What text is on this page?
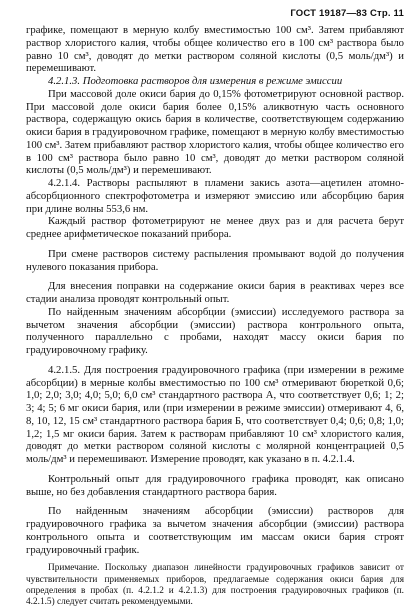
ГОСТ 19187—83 Стр. 11

графике, помещают в мерную колбу вместимостью 100 см³. Затем прибавляют раствор хлористого калия, чтобы общее количество его в 100 см³ раствора было равно 10 см³, доводят до метки раствором соляной кислоты (0,5 моль/дм³) и перемешивают.

4.2.1.3. Подготовка растворов для измерения в режиме эмиссии

При массовой доле окиси бария до 0,15% фотометрируют основной раствор. При массовой доле окиси бария более 0,15% аликвотную часть основного раствора, содержащую окись бария в количестве, соответствующем содержанию окиси бария в градуировочном графике, помещают в мерную колбу вместимостью 100 см³. Затем прибавляют раствор хлористого калия, чтобы общее количество его в 100 см³ раствора было равно 10 см³, доводят до метки раствором соляной кислоты (0,5 моль/дм³) и перемешивают.

4.2.1.4. Растворы распыляют в пламени закись азота—ацетилен атомно-абсорбционного спектрофотометра и измеряют эмиссию или абсорбцию бария при длине волны 553,6 нм.

Каждый раствор фотометрируют не менее двух раз и для расчета берут среднее арифметическое показаний прибора.

При смене растворов систему распыления промывают водой до получения нулевого показания прибора.

Для внесения поправки на содержание окиси бария в реактивах через все стадии анализа проводят контрольный опыт.

По найденным значениям абсорбции (эмиссии) исследуемого раствора за вычетом значения абсорбции (эмиссии) раствора контрольного опыта, полученного параллельно с пробами, находят массу окиси бария по градуировочному графику.

4.2.1.5. Для построения градуировочного графика (при измерении в режиме абсорбции) в мерные колбы вместимостью по 100 см³ отмеривают бюреткой 0,6; 1,0; 2,0; 3,0; 4,0; 5,0; 6,0 см³ стандартного раствора А, что соответствует 0,6; 1; 2; 3; 4; 5; 6 мг окиси бария, или (при измерении в режиме эмиссии) отмеривают 4, 6, 8, 10, 12, 15 см³ стандартного раствора бария Б, что соответствует 0,4; 0,6; 0,8; 1,0; 1,2; 1,5 мг окиси бария. Затем к растворам прибавляют 10 см³ хлористого калия, доводят до метки раствором соляной кислоты с молярной концентрацией 0,5 моль/дм³ и перемешивают. Измерение проводят, как указано в п. 4.2.1.4.

Контрольный опыт для градуировочного графика проводят, как описано выше, но без добавления стандартного раствора бария.

По найденным значениям абсорбции (эмиссии) растворов для градуировочного графика за вычетом значения абсорбции (эмиссии) раствора контрольного опыта и соответствующим им массам окиси бария строят градуировочный график.

Примечание. Поскольку диапазон линейности градуировочных графиков зависит от чувствительности применяемых приборов, предлагаемые содержания окиси бария для определения в пробах (п. 4.2.1.2 и 4.2.1.3) для построения градуировочных графиков (п. 4.2.1.5) следует считать рекомендуемыми.
